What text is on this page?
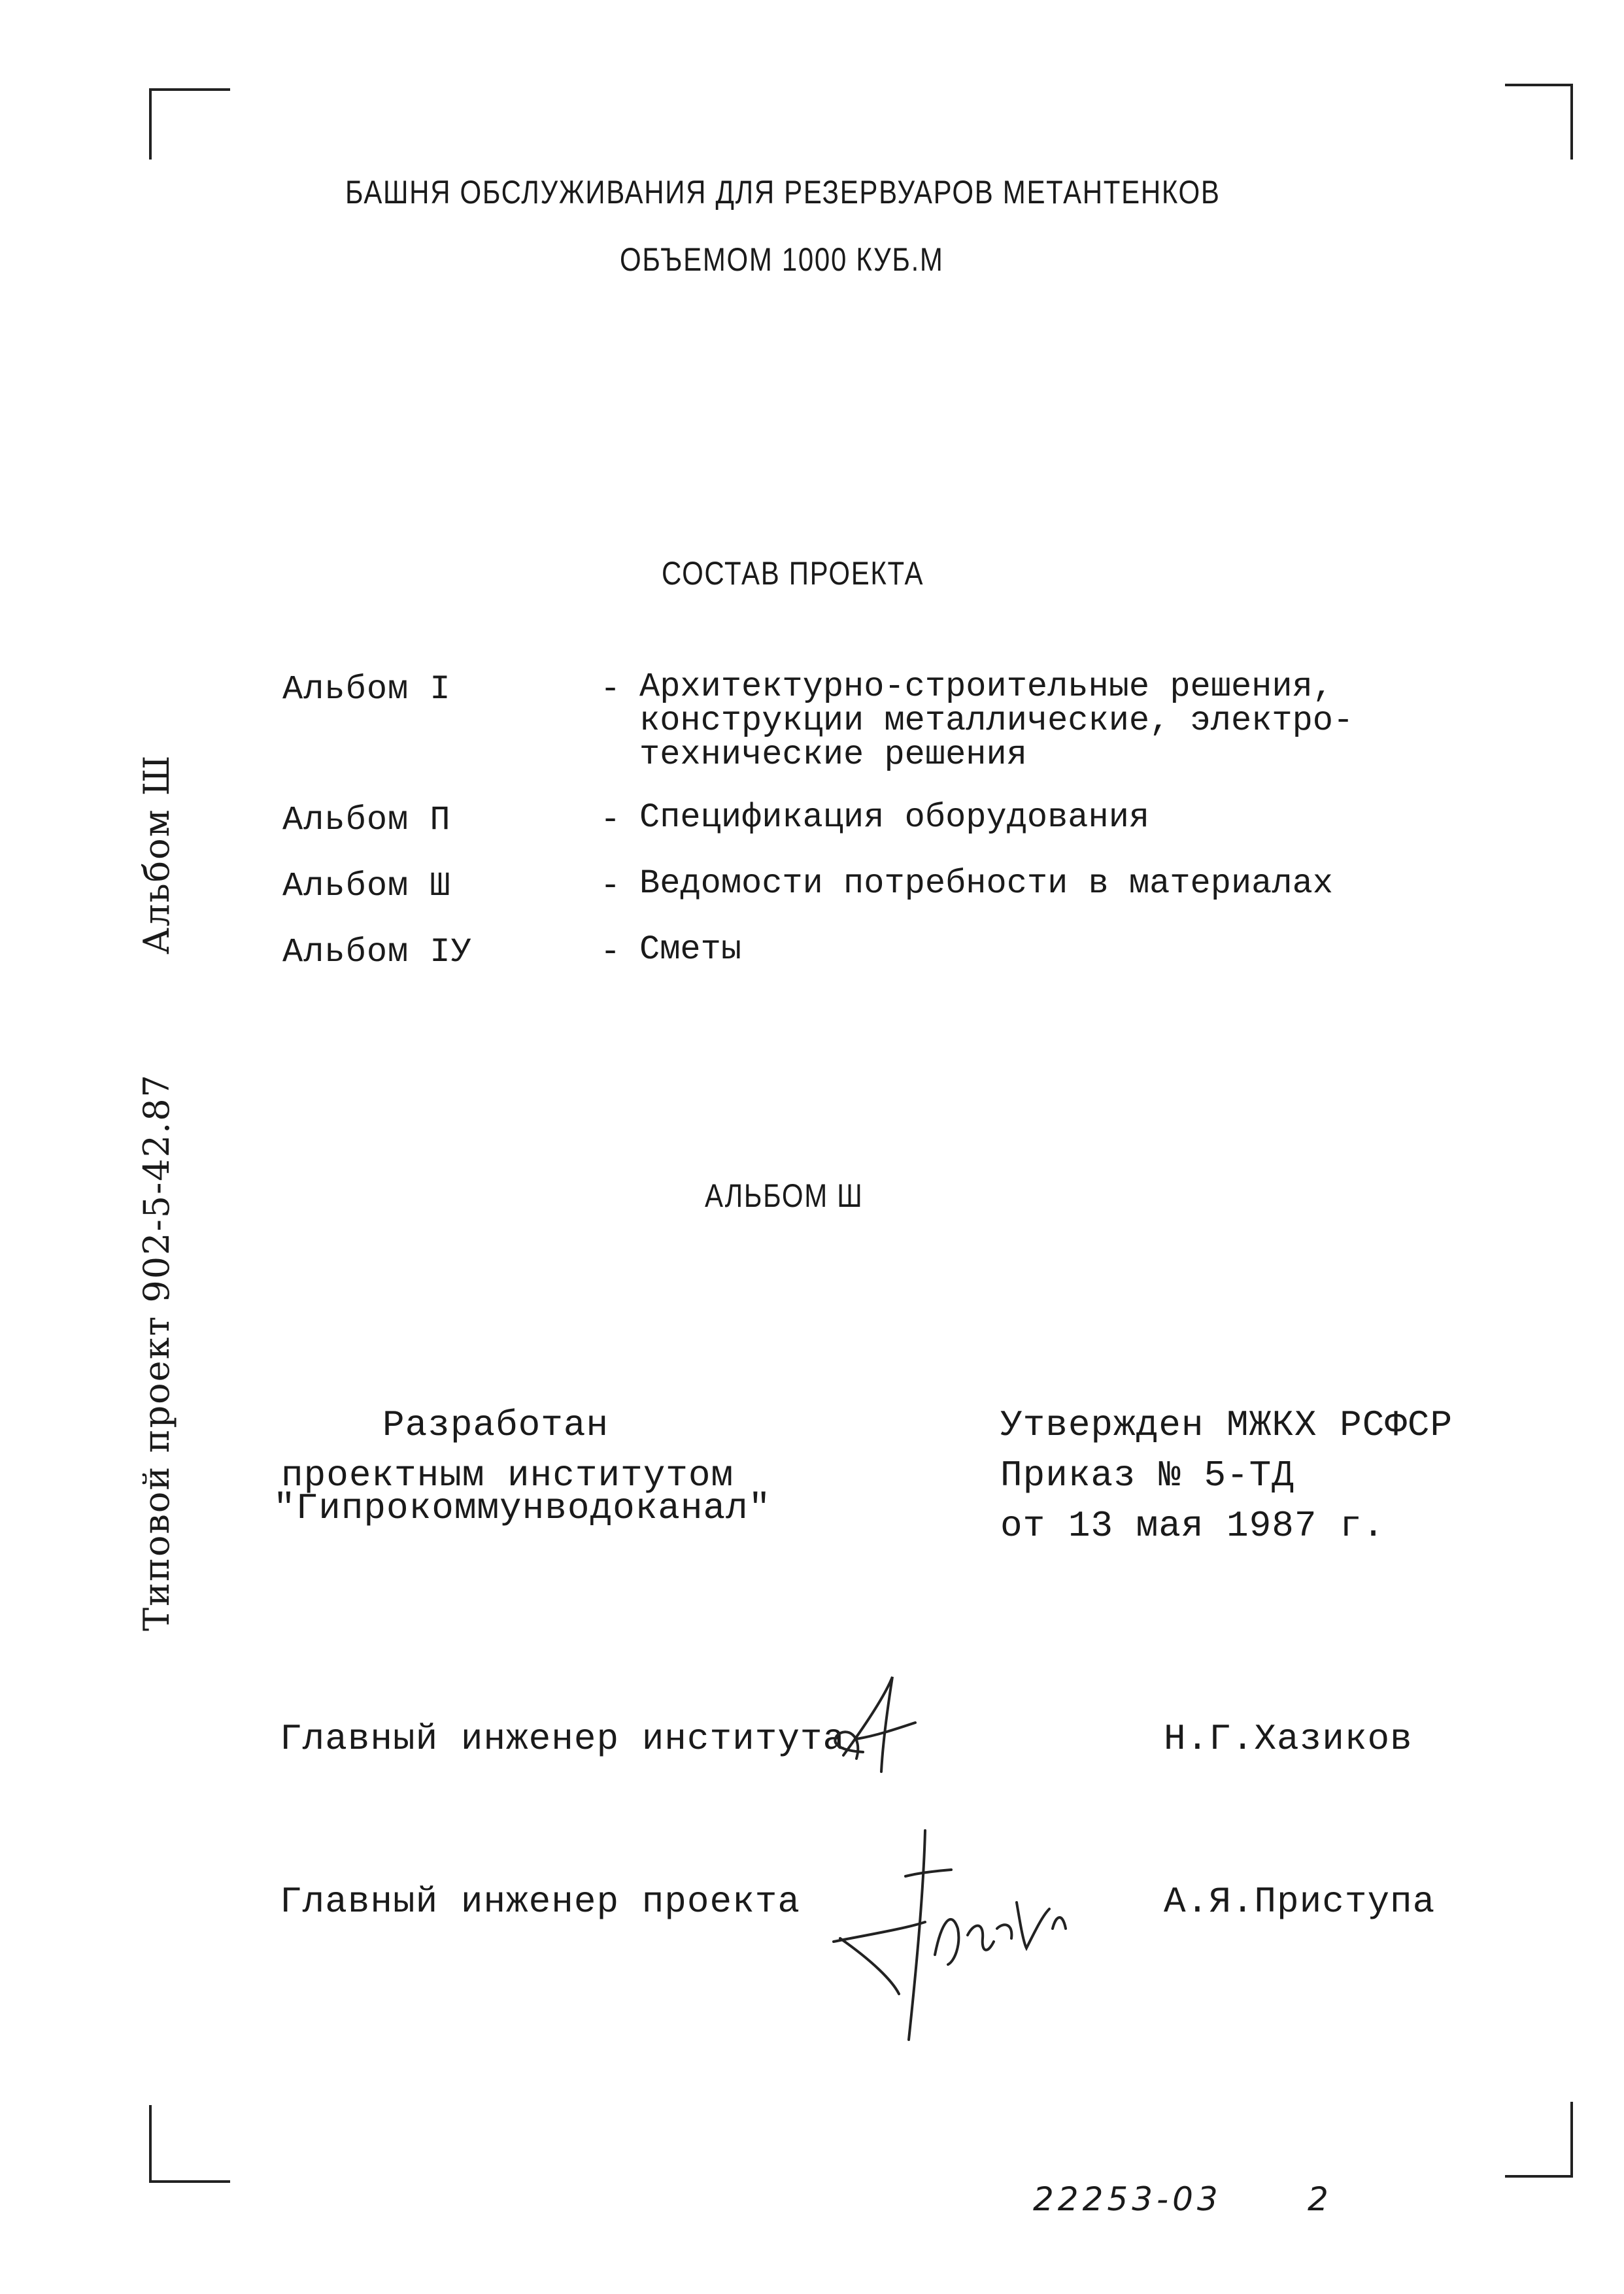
БАШНЯ ОБСЛУЖИВАНИЯ ДЛЯ РЕЗЕРВУАРОВ МЕТАНТЕНКОВ
ОБЪЕМОМ 1000 КУБ.М
СОСТАВ ПРОЕКТА
Альбом I	- Архитектурно-строительные решения,
конструкции металлические, электро-
технические решения
Альбом П	- Спецификация оборудования
Альбом Ш	- Ведомости потребности в материалах
Альбом IУ	- Сметы
АЛЬБОМ Ш
Разработан
проектным институтом
"Гипрокоммунводоканал"
Утвержден МЖКХ РСФСР
Приказ № 5-ТД
от 13 мая 1987 г.
Главный инженер института	Н.Г.Хазиков
Главный инженер проекта	А.Я.Приступа
Альбом Ш
Типовой проект 902-5-42.87
22253-03	2
